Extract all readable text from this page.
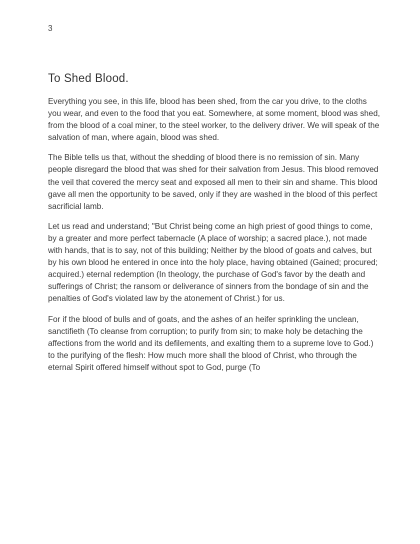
3
To Shed Blood.

Everything you see, in this life, blood has been shed, from the car you drive, to the cloths you wear, and even to the food that you eat. Somewhere, at some moment, blood was shed, from the blood of a coal miner, to the steel worker, to the delivery driver. We will speak of the salvation of man, where again, blood was shed.

The Bible tells us that, without the shedding of blood there is no remission of sin. Many people disregard the blood that was shed for their salvation from Jesus. This blood removed the veil that covered the mercy seat and exposed all men to their sin and shame. This blood gave all men the opportunity to be saved, only if they are washed in the blood of this perfect sacrificial lamb.

Let us read and understand; "But Christ being come an high priest of good things to come, by a greater and more perfect tabernacle (A place of worship; a sacred place.), not made with hands, that is to say, not of this building; Neither by the blood of goats and calves, but by his own blood he entered in once into the holy place, having obtained (Gained; procured; acquired.) eternal redemption (In theology, the purchase of God's favor by the death and sufferings of Christ; the ransom or deliverance of sinners from the bondage of sin and the penalties of God's violated law by the atonement of Christ.) for us.

For if the blood of bulls and of goats, and the ashes of an heifer sprinkling the unclean, sanctifieth (To cleanse from corruption; to purify from sin; to make holy be detaching the affections from the world and its defilements, and exalting them to a supreme love to God.) to the purifying of the flesh: How much more shall the blood of Christ, who through the eternal Spirit offered himself without spot to God, purge (To
